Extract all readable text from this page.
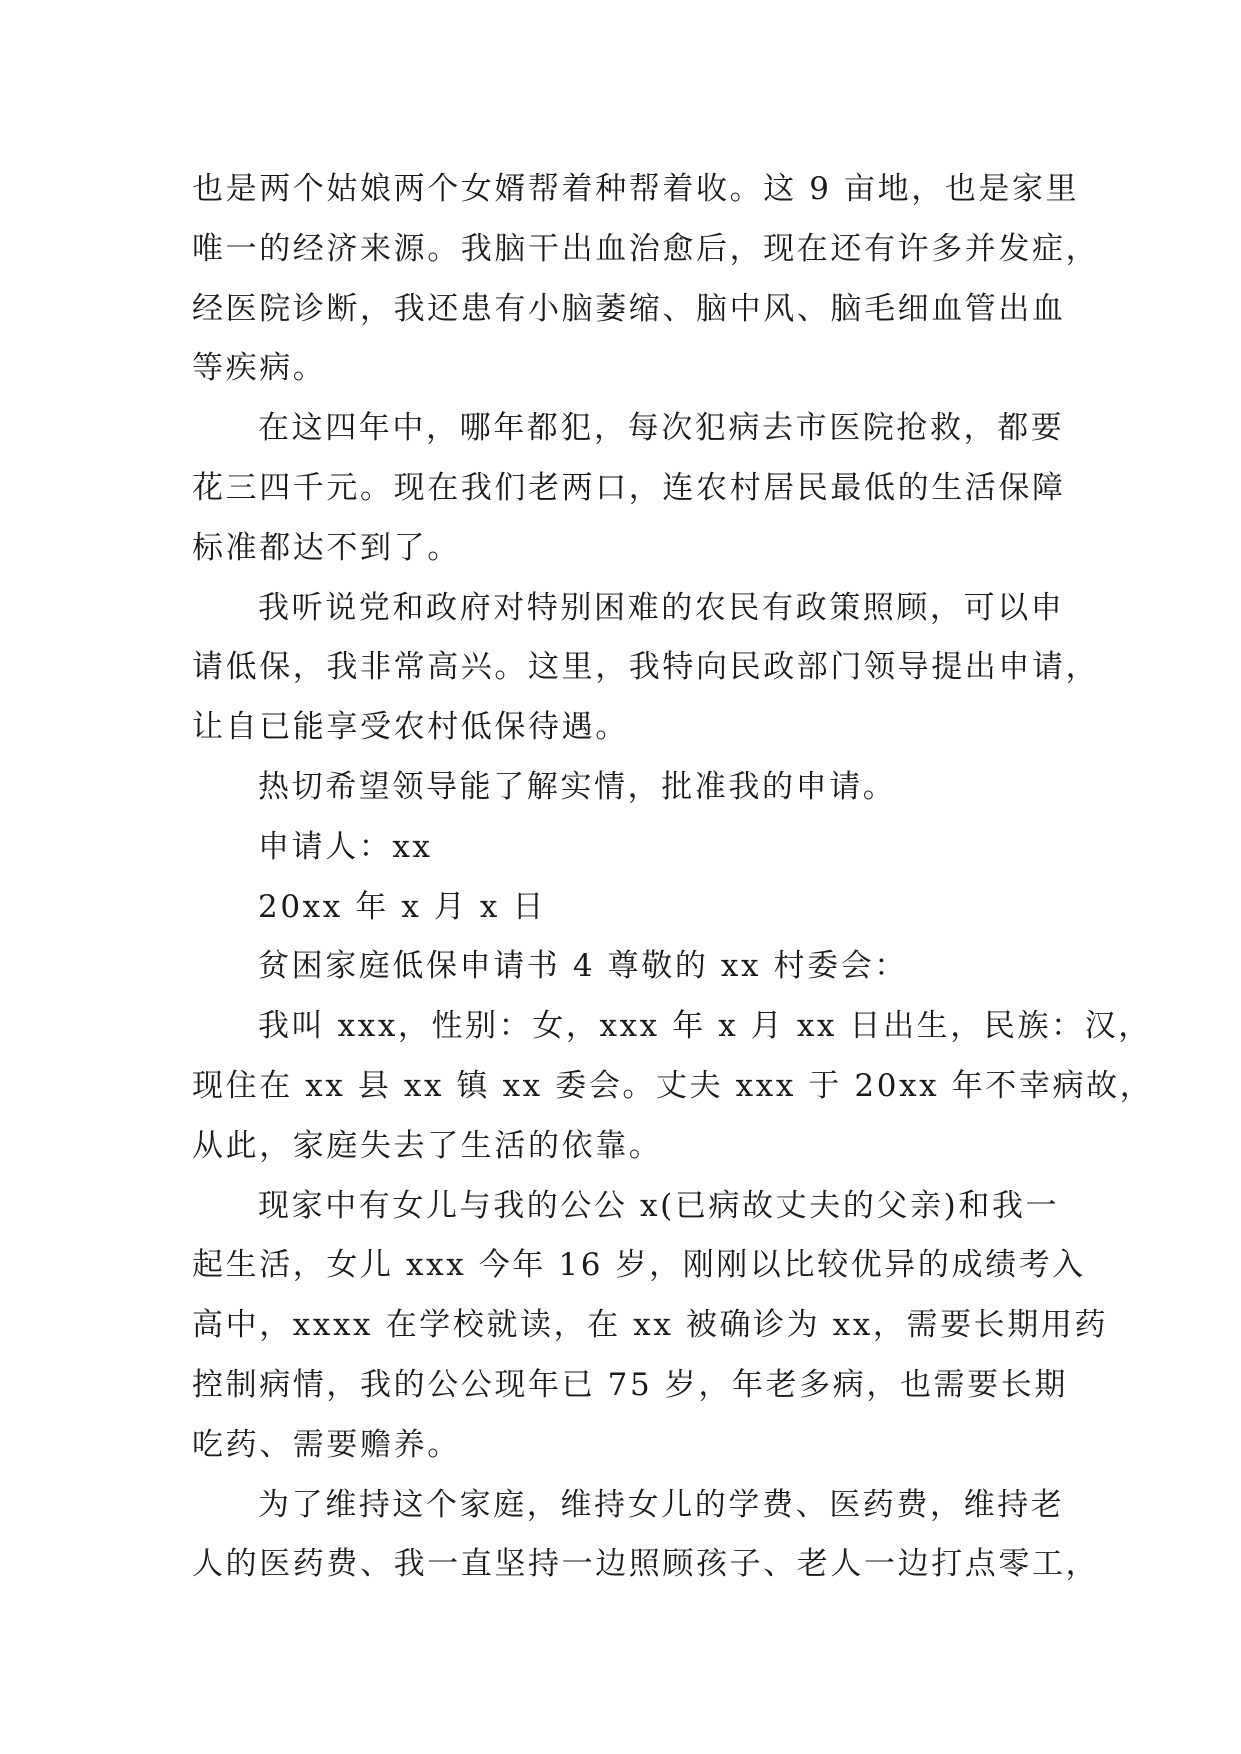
也是两个姑娘两个女婿帮着种帮着收。这 9 亩地，也是家里
唯一的经济来源。我脑干出血治愈后，现在还有许多并发症，
经医院诊断，我还患有小脑萎缩、脑中风、脑毛细血管出血
等疾病。
在这四年中，哪年都犯，每次犯病去市医院抢救，都要
花三四千元。现在我们老两口，连农村居民最低的生活保障
标准都达不到了。
我听说党和政府对特别困难的农民有政策照顾，可以申
请低保，我非常高兴。这里，我特向民政部门领导提出申请，
让自已能享受农村低保待遇。
热切希望领导能了解实情，批准我的申请。
申请人：xx
20xx 年 x 月 x 日
贫困家庭低保申请书 4 尊敬的 xx 村委会：
我叫 xxx，性别：女，xxx 年 x 月 xx 日出生，民族：汉，
现住在 xx 县 xx 镇 xx 委会。丈夫 xxx 于 20xx 年不幸病故，
从此，家庭失去了生活的依靠。
现家中有女儿与我的公公 x(已病故丈夫的父亲)和我一
起生活，女儿 xxx 今年 16 岁，刚刚以比较优异的成绩考入
高中，xxxx 在学校就读，在 xx 被确诊为 xx，需要长期用药
控制病情，我的公公现年已 75 岁，年老多病，也需要长期
吃药、需要赡养。
为了维持这个家庭，维持女儿的学费、医药费，维持老
人的医药费、我一直坚持一边照顾孩子、老人一边打点零工，
